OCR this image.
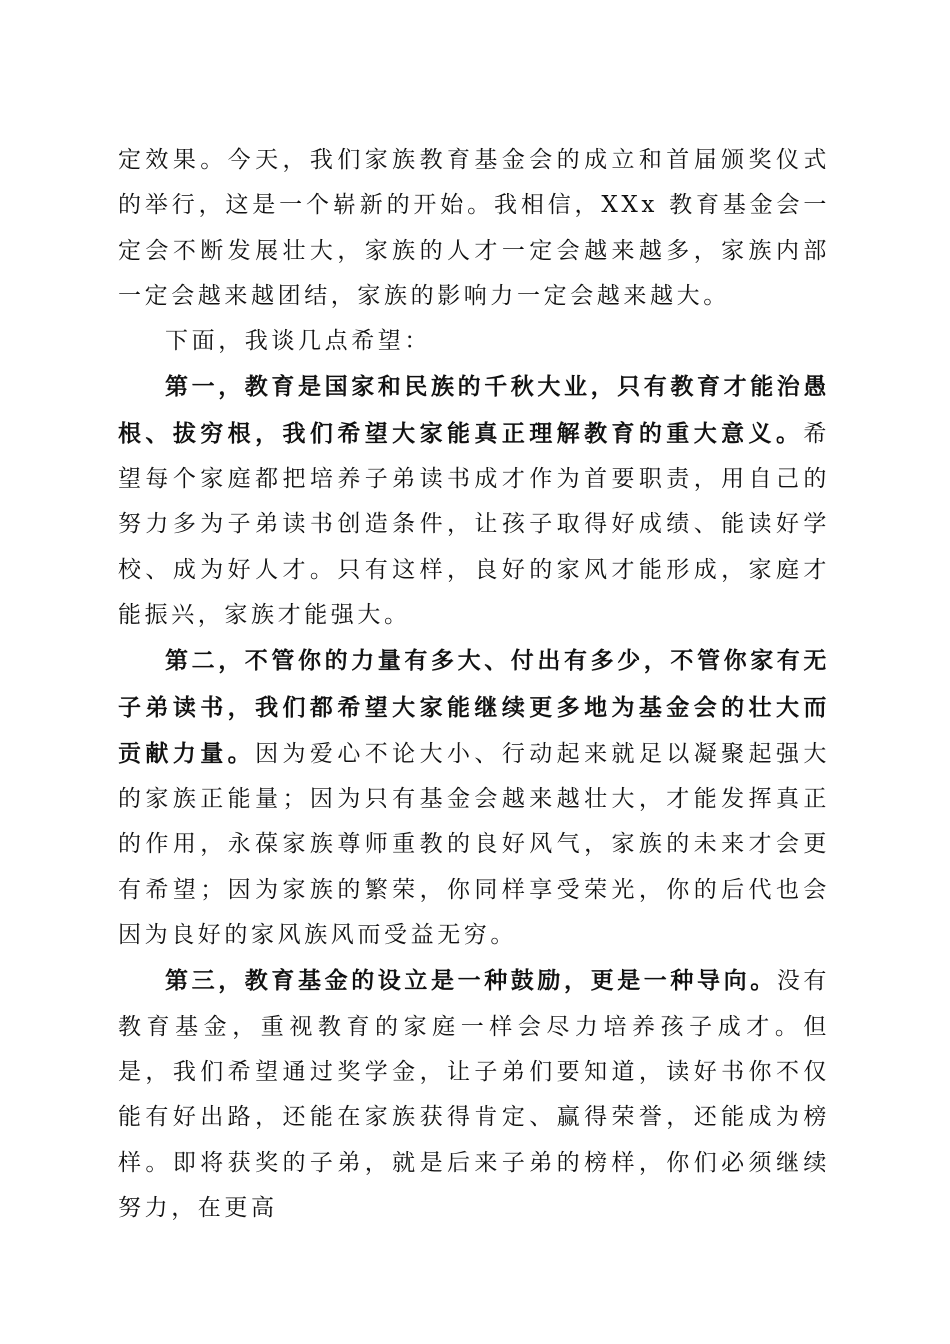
定效果。今天，我们家族教育基金会的成立和首届颁奖仪式的举行，这是一个崭新的开始。我相信，XXx 教育基金会一定会不断发展壮大，家族的人才一定会越来越多，家族内部一定会越来越团结，家族的影响力一定会越来越大。

下面，我谈几点希望：

第一，教育是国家和民族的千秋大业，只有教育才能治愚根、拔穷根，我们希望大家能真正理解教育的重大意义。希望每个家庭都把培养子弟读书成才作为首要职责，用自己的努力多为子弟读书创造条件，让孩子取得好成绩、能读好学校、成为好人才。只有这样，良好的家风才能形成，家庭才能振兴，家族才能强大。

第二，不管你的力量有多大、付出有多少，不管你家有无子弟读书，我们都希望大家能继续更多地为基金会的壮大而贡献力量。因为爱心不论大小、行动起来就足以凝聚起强大的家族正能量；因为只有基金会越来越壮大，才能发挥真正的作用，永葆家族尊师重教的良好风气，家族的未来才会更有希望；因为家族的繁荣，你同样享受荣光，你的后代也会因为良好的家风族风而受益无穷。

第三，教育基金的设立是一种鼓励，更是一种导向。没有教育基金，重视教育的家庭一样会尽力培养孩子成才。但是，我们希望通过奖学金，让子弟们要知道，读好书你不仅能有好出路，还能在家族获得肯定、赢得荣誉，还能成为榜样。即将获奖的子弟，就是后来子弟的榜样，你们必须继续努力，在更高
